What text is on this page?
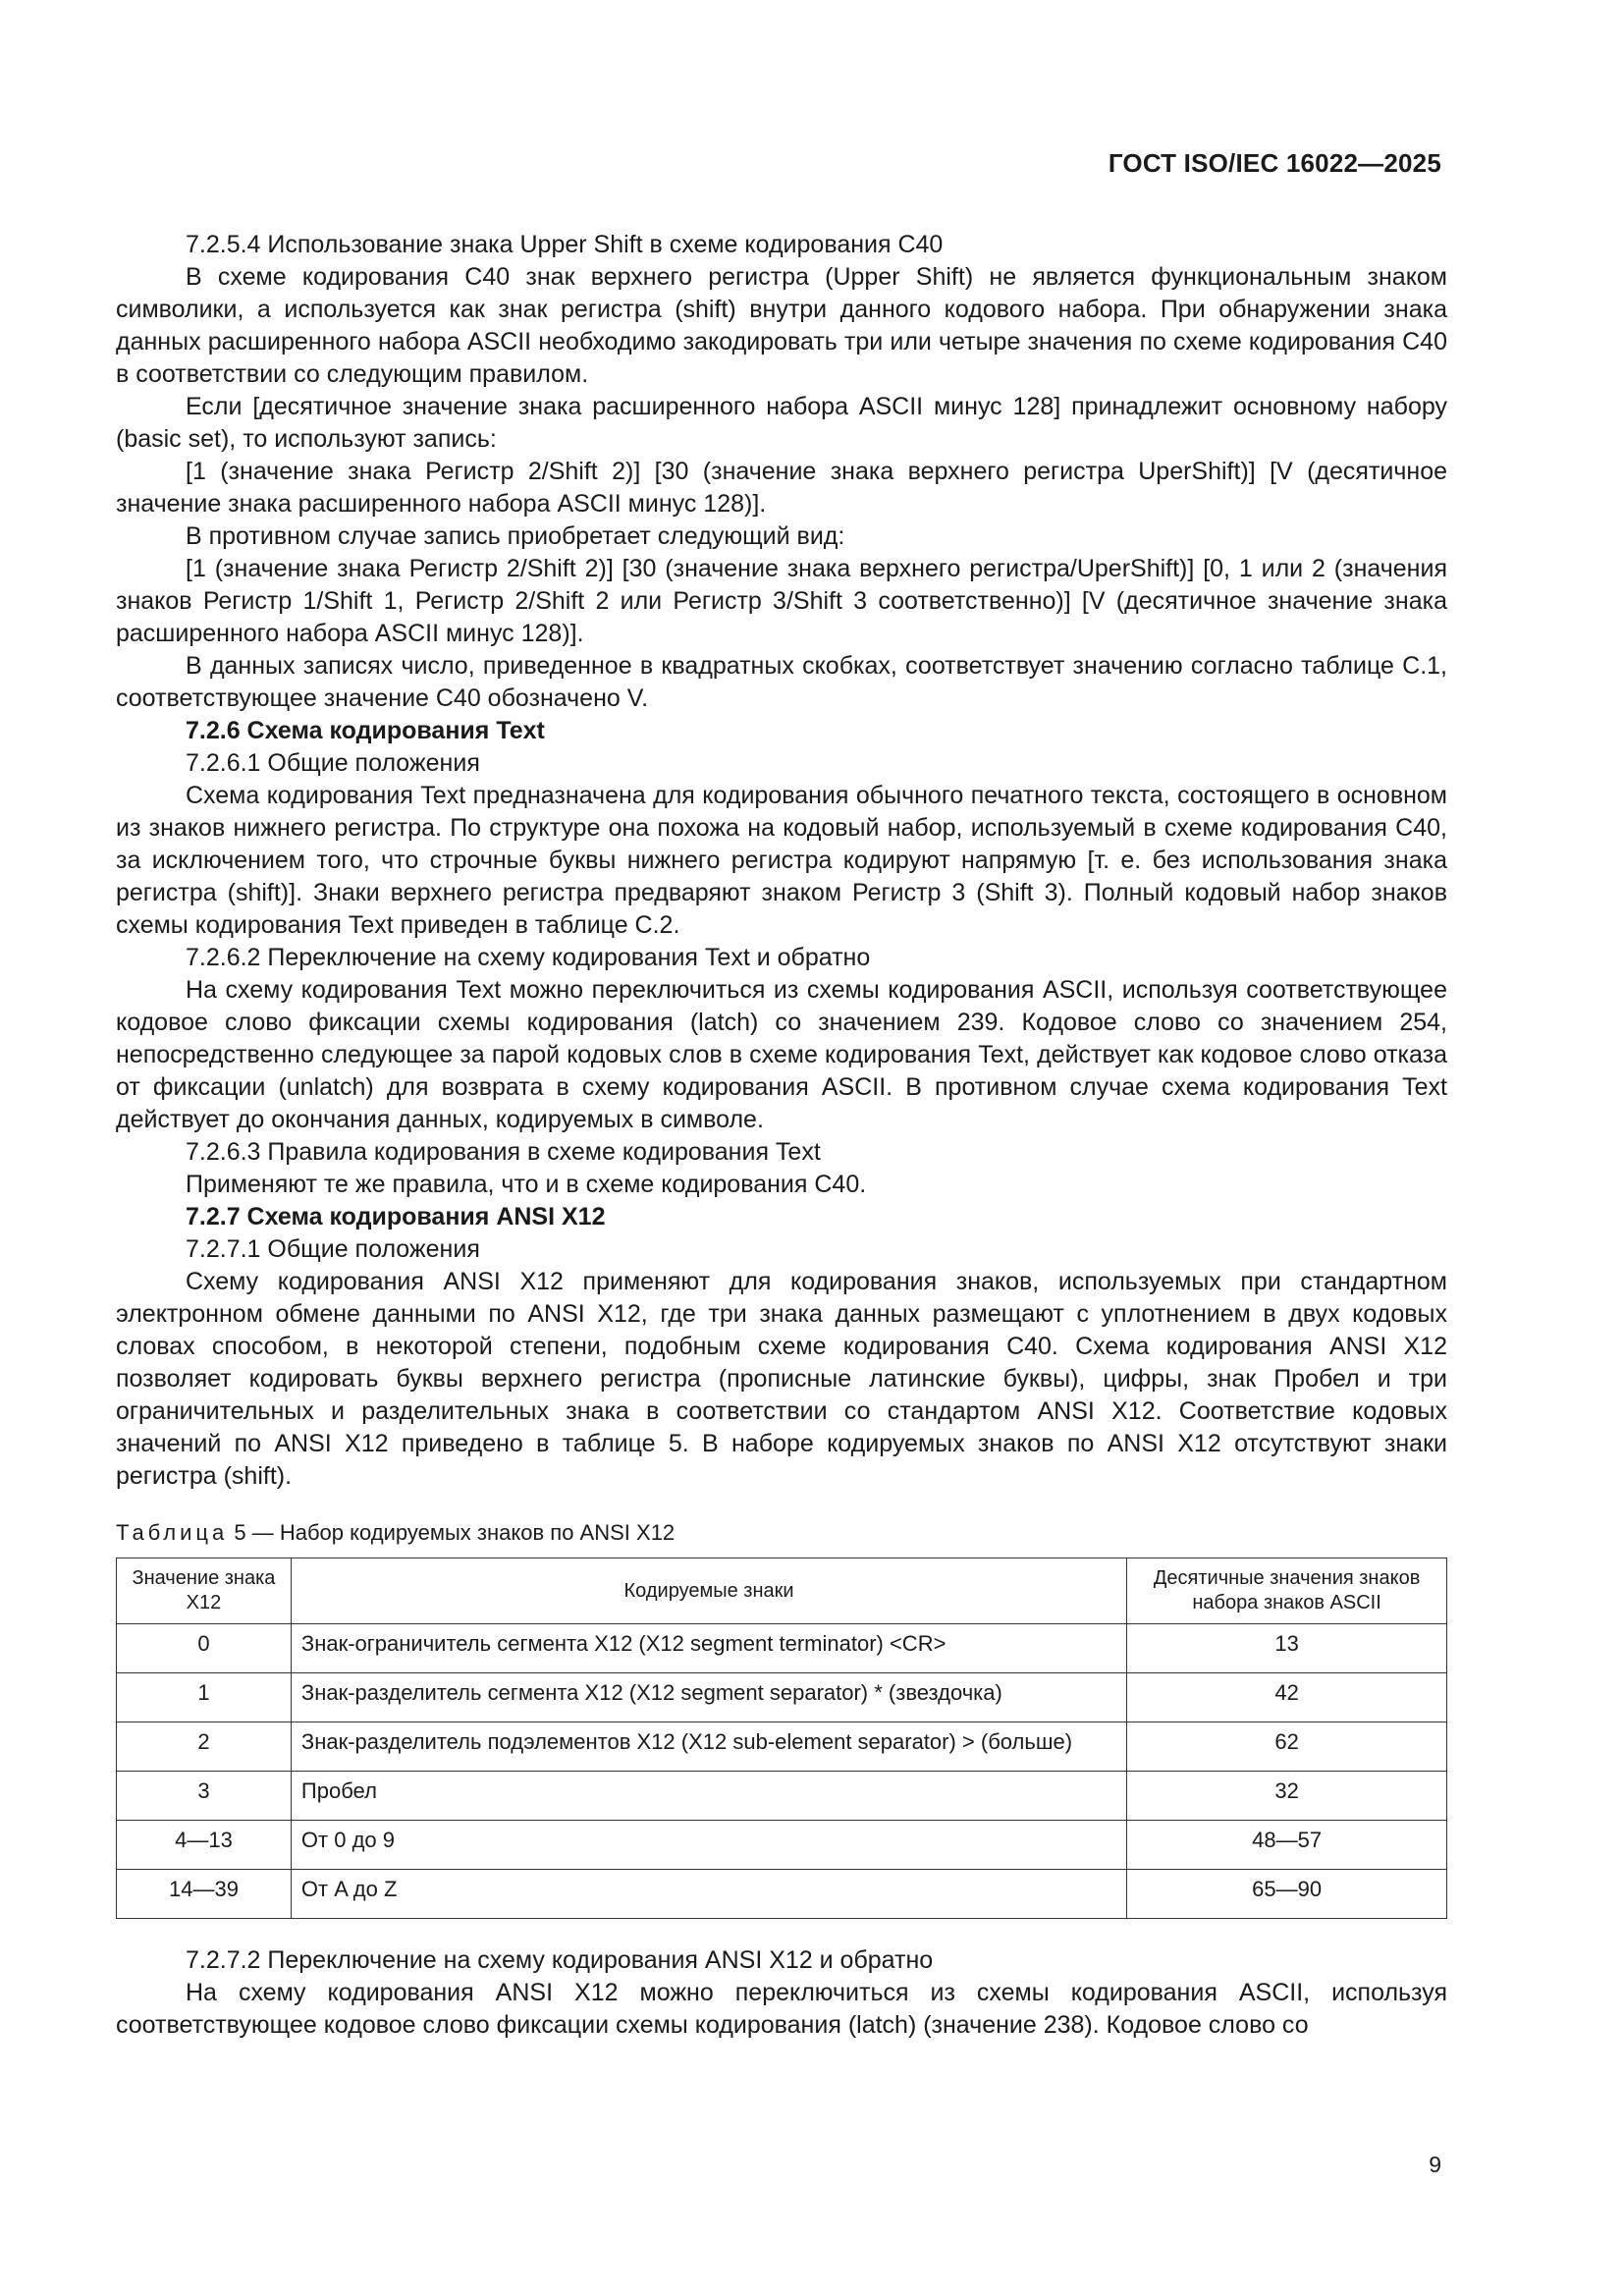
ГОСТ ISO/IEC 16022—2025

7.2.5.4 Использование знака Upper Shift в схеме кодирования C40

В схеме кодирования C40 знак верхнего регистра (Upper Shift) не является функциональным знаком символики, а используется как знак регистра (shift) внутри данного кодового набора. При обнаружении знака данных расширенного набора ASCII необходимо закодировать три или четыре значения по схеме кодирования C40 в соответствии со следующим правилом.

Если [десятичное значение знака расширенного набора ASCII минус 128] принадлежит основному набору (basic set), то используют запись:

[1 (значение знака Регистр 2/Shift 2)] [30 (значение знака верхнего регистра UperShift)] [V (десятичное значение знака расширенного набора ASCII минус 128)].

В противном случае запись приобретает следующий вид:

[1 (значение знака Регистр 2/Shift 2)] [30 (значение знака верхнего регистра/UperShift)] [0, 1 или 2 (значения знаков Регистр 1/Shift 1, Регистр 2/Shift 2 или Регистр 3/Shift 3 соответственно)] [V (десятичное значение знака расширенного набора ASCII минус 128)].

В данных записях число, приведенное в квадратных скобках, соответствует значению согласно таблице C.1, соответствующее значение C40 обозначено V.

7.2.6 Схема кодирования Text

7.2.6.1 Общие положения

Схема кодирования Text предназначена для кодирования обычного печатного текста, состоящего в основном из знаков нижнего регистра. По структуре она похожа на кодовый набор, используемый в схеме кодирования C40, за исключением того, что строчные буквы нижнего регистра кодируют напрямую [т. е. без использования знака регистра (shift)]. Знаки верхнего регистра предваряют знаком Регистр 3 (Shift 3). Полный кодовый набор знаков схемы кодирования Text приведен в таблице C.2.

7.2.6.2 Переключение на схему кодирования Text и обратно

На схему кодирования Text можно переключиться из схемы кодирования ASCII, используя соответствующее кодовое слово фиксации схемы кодирования (latch) со значением 239. Кодовое слово со значением 254, непосредственно следующее за парой кодовых слов в схеме кодирования Text, действует как кодовое слово отказа от фиксации (unlatch) для возврата в схему кодирования ASCII. В противном случае схема кодирования Text действует до окончания данных, кодируемых в символе.

7.2.6.3 Правила кодирования в схеме кодирования Text

Применяют те же правила, что и в схеме кодирования C40.

7.2.7 Схема кодирования ANSI X12

7.2.7.1 Общие положения

Схему кодирования ANSI X12 применяют для кодирования знаков, используемых при стандартном электронном обмене данными по ANSI X12, где три знака данных размещают с уплотнением в двух кодовых словах способом, в некоторой степени, подобным схеме кодирования C40. Схема кодирования ANSI X12 позволяет кодировать буквы верхнего регистра (прописные латинские буквы), цифры, знак Пробел и три ограничительных и разделительных знака в соответствии со стандартом ANSI X12. Соответствие кодовых значений по ANSI X12 приведено в таблице 5. В наборе кодируемых знаков по ANSI X12 отсутствуют знаки регистра (shift).

Таблица 5 — Набор кодируемых знаков по ANSI X12
Значение знака X12	Кодируемые знаки	Десятичные значения знаков набора знаков ASCII
0	Знак-ограничитель сегмента X12 (X12 segment terminator) <CR>	13
1	Знак-разделитель сегмента X12 (X12 segment separator) * (звездочка)	42
2	Знак-разделитель подэлементов X12 (X12 sub-element separator) > (больше)	62
3	Пробел	32
4—13	От 0 до 9	48—57
14—39	От A до Z	65—90

7.2.7.2 Переключение на схему кодирования ANSI X12 и обратно

На схему кодирования ANSI X12 можно переключиться из схемы кодирования ASCII, используя соответствующее кодовое слово фиксации схемы кодирования (latch) (значение 238). Кодовое слово со

9
